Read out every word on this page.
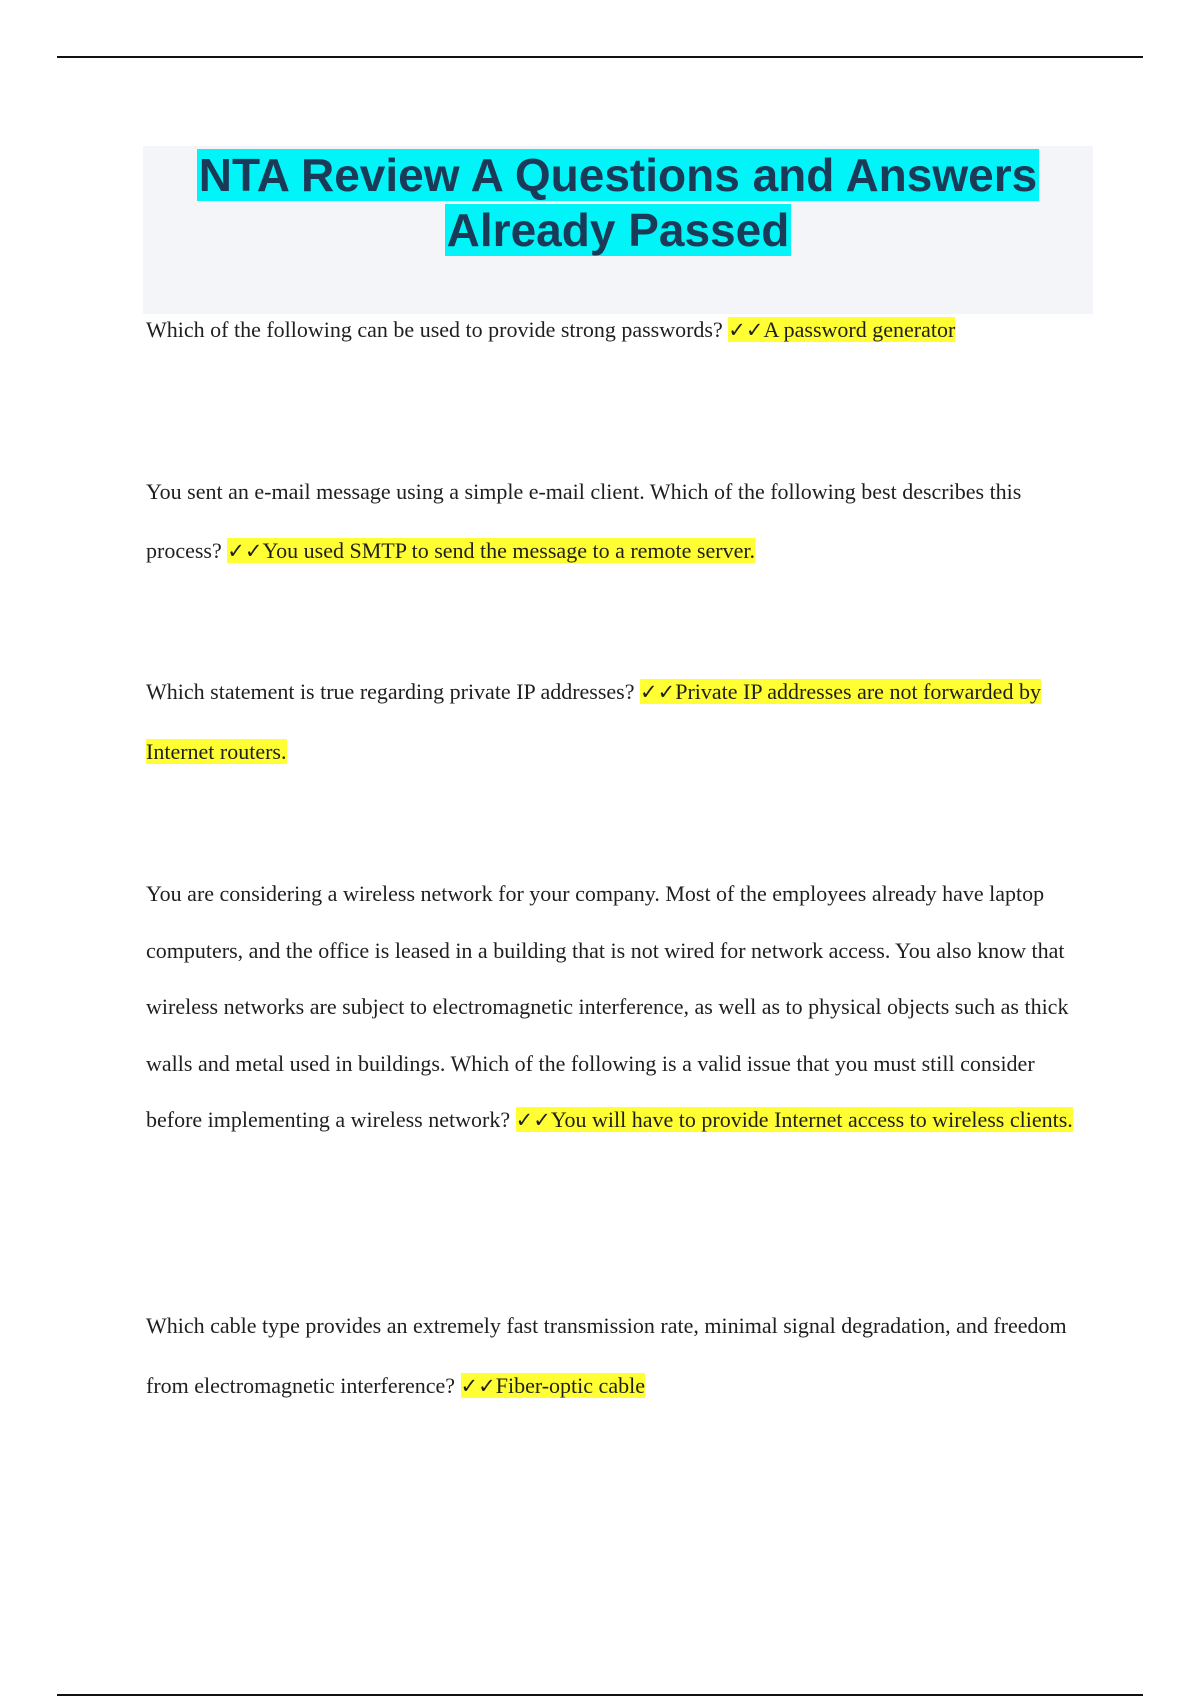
NTA Review A Questions and Answers
Already Passed

Which of the following can be used to provide strong passwords? ✓✓A password generator

You sent an e-mail message using a simple e-mail client. Which of the following best describes this process? ✓✓You used SMTP to send the message to a remote server.

Which statement is true regarding private IP addresses? ✓✓Private IP addresses are not forwarded by Internet routers.

You are considering a wireless network for your company. Most of the employees already have laptop computers, and the office is leased in a building that is not wired for network access. You also know that wireless networks are subject to electromagnetic interference, as well as to physical objects such as thick walls and metal used in buildings. Which of the following is a valid issue that you must still consider before implementing a wireless network? ✓✓You will have to provide Internet access to wireless clients.

Which cable type provides an extremely fast transmission rate, minimal signal degradation, and freedom from electromagnetic interference? ✓✓Fiber-optic cable
